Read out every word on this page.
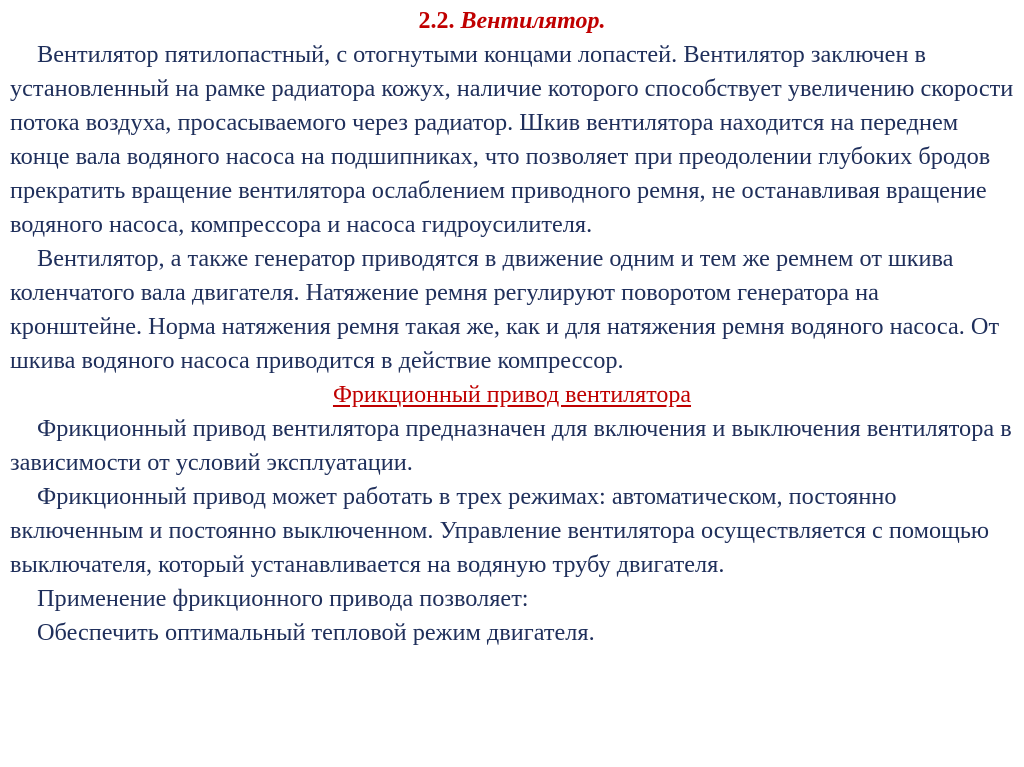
2.2. Вентилятор.

Вентилятор пятилопастный, с отогнутыми концами лопастей. Вентилятор заключен в установленный на рамке радиатора кожух, наличие которого способствует увеличению скорости потока воздуха, просасываемого через радиатор. Шкив вентилятора находится на переднем конце вала водяного насоса на подшипниках, что позволяет при преодолении глубоких бродов прекратить вращение вентилятора ослаблением приводного ремня, не останавливая вращение водяного насоса, компрессора и насоса гидроусилителя.

Вентилятор, а также генератор приводятся в движение одним и тем же ремнем от шкива коленчатого вала двигателя. Натяжение ремня регулируют поворотом генератора на кронштейне. Норма натяжения ремня такая же, как и для натяжения ремня водяного насоса. От шкива водяного насоса приводится в действие компрессор.

Фрикционный привод вентилятора

Фрикционный привод вентилятора предназначен для включения и выключения вентилятора в зависимости от условий эксплуатации.

Фрикционный привод может работать в трех режимах: автоматическом, постоянно включенным и постоянно выключенном. Управление вентилятора осуществляется с помощью выключателя, который устанавливается на водяную трубу двигателя.

Применение фрикционного привода позволяет:

Обеспечить оптимальный тепловой режим двигателя.
